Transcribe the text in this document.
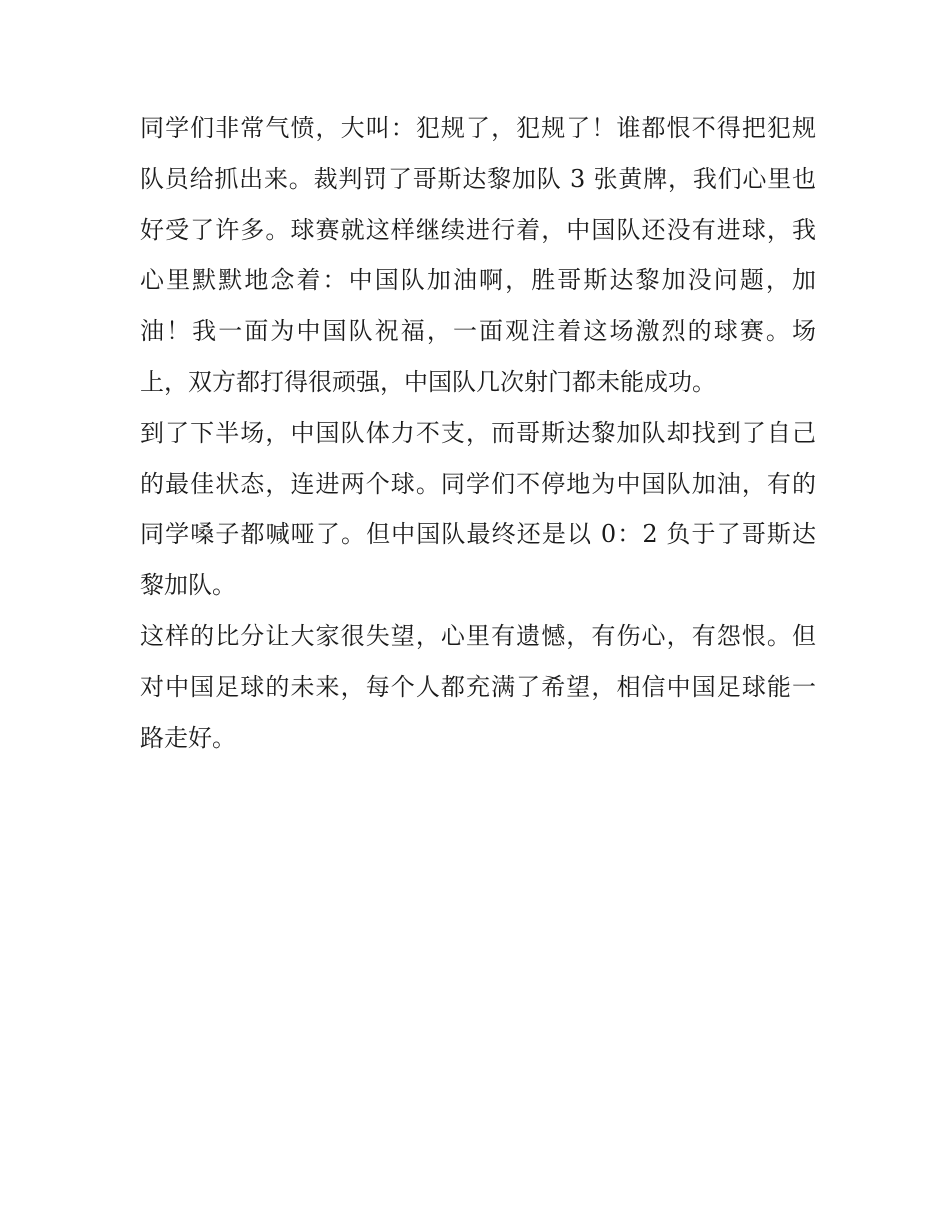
同学们非常气愤，大叫：犯规了，犯规了！谁都恨不得把犯规
队员给抓出来。裁判罚了哥斯达黎加队 3 张黄牌，我们心里也
好受了许多。球赛就这样继续进行着，中国队还没有进球，我
心里默默地念着：中国队加油啊，胜哥斯达黎加没问题，加
油！我一面为中国队祝福，一面观注着这场激烈的球赛。场
上，双方都打得很顽强，中国队几次射门都未能成功。
到了下半场，中国队体力不支，而哥斯达黎加队却找到了自己
的最佳状态，连进两个球。同学们不停地为中国队加油，有的
同学嗓子都喊哑了。但中国队最终还是以 0：2 负于了哥斯达
黎加队。
这样的比分让大家很失望，心里有遗憾，有伤心，有怨恨。但
对中国足球的未来，每个人都充满了希望，相信中国足球能一
路走好。
